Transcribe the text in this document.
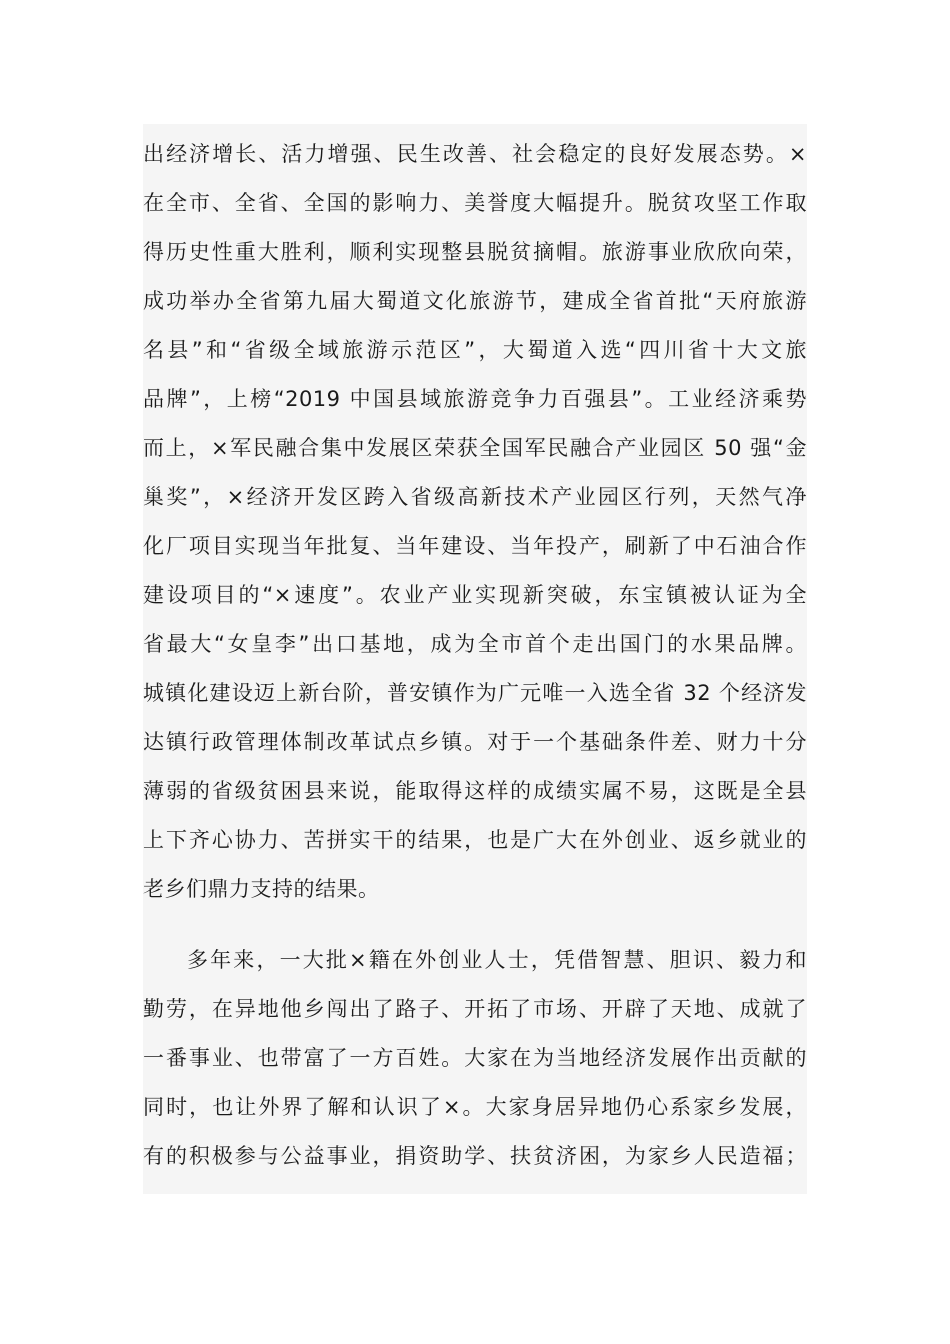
出经济增长、活力增强、民生改善、社会稳定的良好发展态势。×

在全市、全省、全国的影响力、美誉度大幅提升。脱贫攻坚工作取

得历史性重大胜利，顺利实现整县脱贫摘帽。旅游事业欣欣向荣，

成功举办全省第九届大蜀道文化旅游节，建成全省首批“天府旅游

名县”和“省级全域旅游示范区”，大蜀道入选“四川省十大文旅

品牌”，上榜“2019 中国县域旅游竞争力百强县”。工业经济乘势

而上，×军民融合集中发展区荣获全国军民融合产业园区 50 强“金

巢奖”，×经济开发区跨入省级高新技术产业园区行列，天然气净

化厂项目实现当年批复、当年建设、当年投产，刷新了中石油合作

建设项目的“×速度”。农业产业实现新突破，东宝镇被认证为全

省最大“女皇李”出口基地，成为全市首个走出国门的水果品牌。

城镇化建设迈上新台阶，普安镇作为广元唯一入选全省 32 个经济发

达镇行政管理体制改革试点乡镇。对于一个基础条件差、财力十分

薄弱的省级贫困县来说，能取得这样的成绩实属不易，这既是全县

上下齐心协力、苦拼实干的结果，也是广大在外创业、返乡就业的

老乡们鼎力支持的结果。

多年来，一大批×籍在外创业人士，凭借智慧、胆识、毅力和

勤劳，在异地他乡闯出了路子、开拓了市场、开辟了天地、成就了

一番事业、也带富了一方百姓。大家在为当地经济发展作出贡献的

同时，也让外界了解和认识了×。大家身居异地仍心系家乡发展，

有的积极参与公益事业，捐资助学、扶贫济困，为家乡人民造福；
